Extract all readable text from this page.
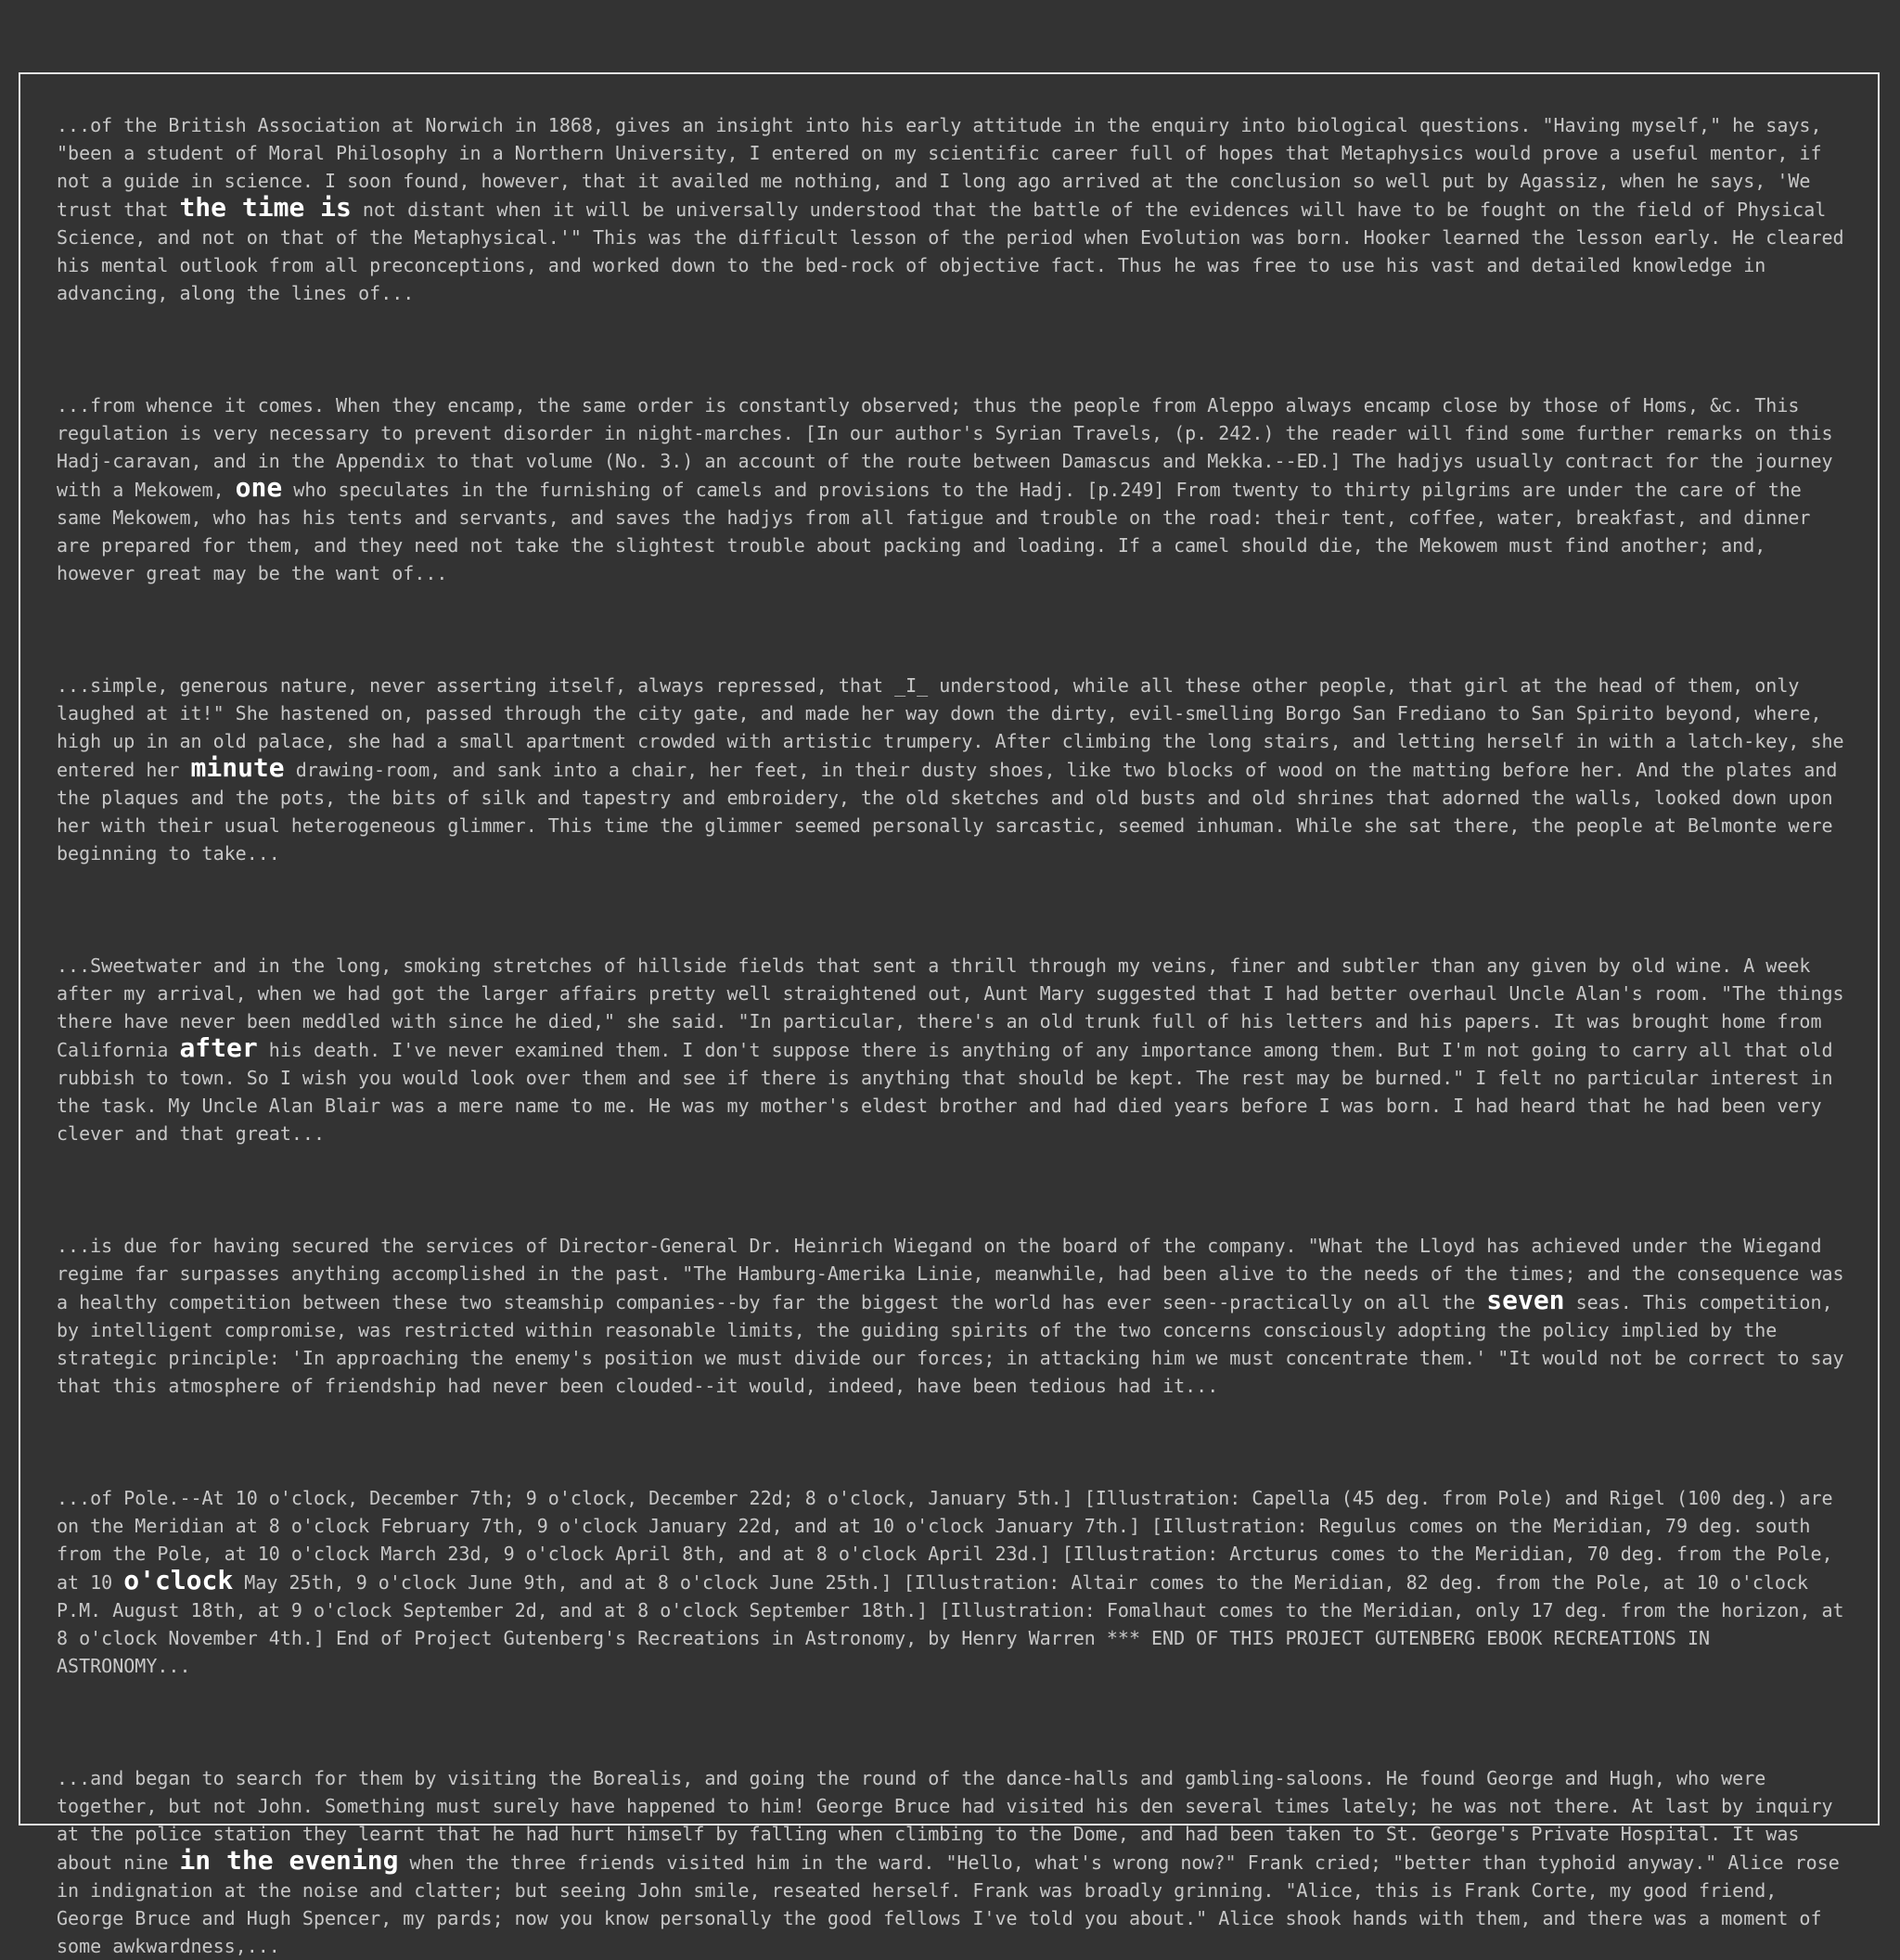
...of the British Association at Norwich in 1868, gives an insight into his early attitude in the enquiry into biological questions. "Having myself," he says, "been a student of Moral Philosophy in a Northern University, I entered on my scientific career full of hopes that Metaphysics would prove a useful mentor, if not a guide in science. I soon found, however, that it availed me nothing, and I long ago arrived at the conclusion so well put by Agassiz, when he says, 'We trust that the time is not distant when it will be universally understood that the battle of the evidences will have to be fought on the field of Physical Science, and not on that of the Metaphysical.'" This was the difficult lesson of the period when Evolution was born. Hooker learned the lesson early. He cleared his mental outlook from all preconceptions, and worked down to the bed-rock of objective fact. Thus he was free to use his vast and detailed knowledge in advancing, along the lines of...

...from whence it comes. When they encamp, the same order is constantly observed; thus the people from Aleppo always encamp close by those of Homs, &c. This regulation is very necessary to prevent disorder in night-marches. [In our author's Syrian Travels, (p. 242.) the reader will find some further remarks on this Hadj-caravan, and in the Appendix to that volume (No. 3.) an account of the route between Damascus and Mekka.--ED.] The hadjys usually contract for the journey with a Mekowem, one who speculates in the furnishing of camels and provisions to the Hadj. [p.249] From twenty to thirty pilgrims are under the care of the same Mekowem, who has his tents and servants, and saves the hadjys from all fatigue and trouble on the road: their tent, coffee, water, breakfast, and dinner are prepared for them, and they need not take the slightest trouble about packing and loading. If a camel should die, the Mekowem must find another; and, however great may be the want of...

...simple, generous nature, never asserting itself, always repressed, that _I_ understood, while all these other people, that girl at the head of them, only laughed at it!" She hastened on, passed through the city gate, and made her way down the dirty, evil-smelling Borgo San Frediano to San Spirito beyond, where, high up in an old palace, she had a small apartment crowded with artistic trumpery. After climbing the long stairs, and letting herself in with a latch-key, she entered her minute drawing-room, and sank into a chair, her feet, in their dusty shoes, like two blocks of wood on the matting before her. And the plates and the plaques and the pots, the bits of silk and tapestry and embroidery, the old sketches and old busts and old shrines that adorned the walls, looked down upon her with their usual heterogeneous glimmer. This time the glimmer seemed personally sarcastic, seemed inhuman. While she sat there, the people at Belmonte were beginning to take...

...Sweetwater and in the long, smoking stretches of hillside fields that sent a thrill through my veins, finer and subtler than any given by old wine. A week after my arrival, when we had got the larger affairs pretty well straightened out, Aunt Mary suggested that I had better overhaul Uncle Alan's room. "The things there have never been meddled with since he died," she said. "In particular, there's an old trunk full of his letters and his papers. It was brought home from California after his death. I've never examined them. I don't suppose there is anything of any importance among them. But I'm not going to carry all that old rubbish to town. So I wish you would look over them and see if there is anything that should be kept. The rest may be burned." I felt no particular interest in the task. My Uncle Alan Blair was a mere name to me. He was my mother's eldest brother and had died years before I was born. I had heard that he had been very clever and that great...

...is due for having secured the services of Director-General Dr. Heinrich Wiegand on the board of the company. "What the Lloyd has achieved under the Wiegand regime far surpasses anything accomplished in the past. "The Hamburg-Amerika Linie, meanwhile, had been alive to the needs of the times; and the consequence was a healthy competition between these two steamship companies--by far the biggest the world has ever seen--practically on all the seven seas. This competition, by intelligent compromise, was restricted within reasonable limits, the guiding spirits of the two concerns consciously adopting the policy implied by the strategic principle: 'In approaching the enemy's position we must divide our forces; in attacking him we must concentrate them.' "It would not be correct to say that this atmosphere of friendship had never been clouded--it would, indeed, have been tedious had it...

...of Pole.--At 10 o'clock, December 7th; 9 o'clock, December 22d; 8 o'clock, January 5th.] [Illustration: Capella (45 deg. from Pole) and Rigel (100 deg.) are on the Meridian at 8 o'clock February 7th, 9 o'clock January 22d, and at 10 o'clock January 7th.] [Illustration: Regulus comes on the Meridian, 79 deg. south from the Pole, at 10 o'clock March 23d, 9 o'clock April 8th, and at 8 o'clock April 23d.] [Illustration: Arcturus comes to the Meridian, 70 deg. from the Pole, at 10 o'clock May 25th, 9 o'clock June 9th, and at 8 o'clock June 25th.] [Illustration: Altair comes to the Meridian, 82 deg. from the Pole, at 10 o'clock P.M. August 18th, at 9 o'clock September 2d, and at 8 o'clock September 18th.] [Illustration: Fomalhaut comes to the Meridian, only 17 deg. from the horizon, at 8 o'clock November 4th.] End of Project Gutenberg's Recreations in Astronomy, by Henry Warren *** END OF THIS PROJECT GUTENBERG EBOOK RECREATIONS IN ASTRONOMY...

...and began to search for them by visiting the Borealis, and going the round of the dance-halls and gambling-saloons. He found George and Hugh, who were together, but not John. Something must surely have happened to him! George Bruce had visited his den several times lately; he was not there. At last by inquiry at the police station they learnt that he had hurt himself by falling when climbing to the Dome, and had been taken to St. George's Private Hospital. It was about nine in the evening when the three friends visited him in the ward. "Hello, what's wrong now?" Frank cried; "better than typhoid anyway." Alice rose in indignation at the noise and clatter; but seeing John smile, reseated herself. Frank was broadly grinning. "Alice, this is Frank Corte, my good friend, George Bruce and Hugh Spencer, my pards; now you know personally the good fellows I've told you about." Alice shook hands with them, and there was a moment of some awkwardness,...
